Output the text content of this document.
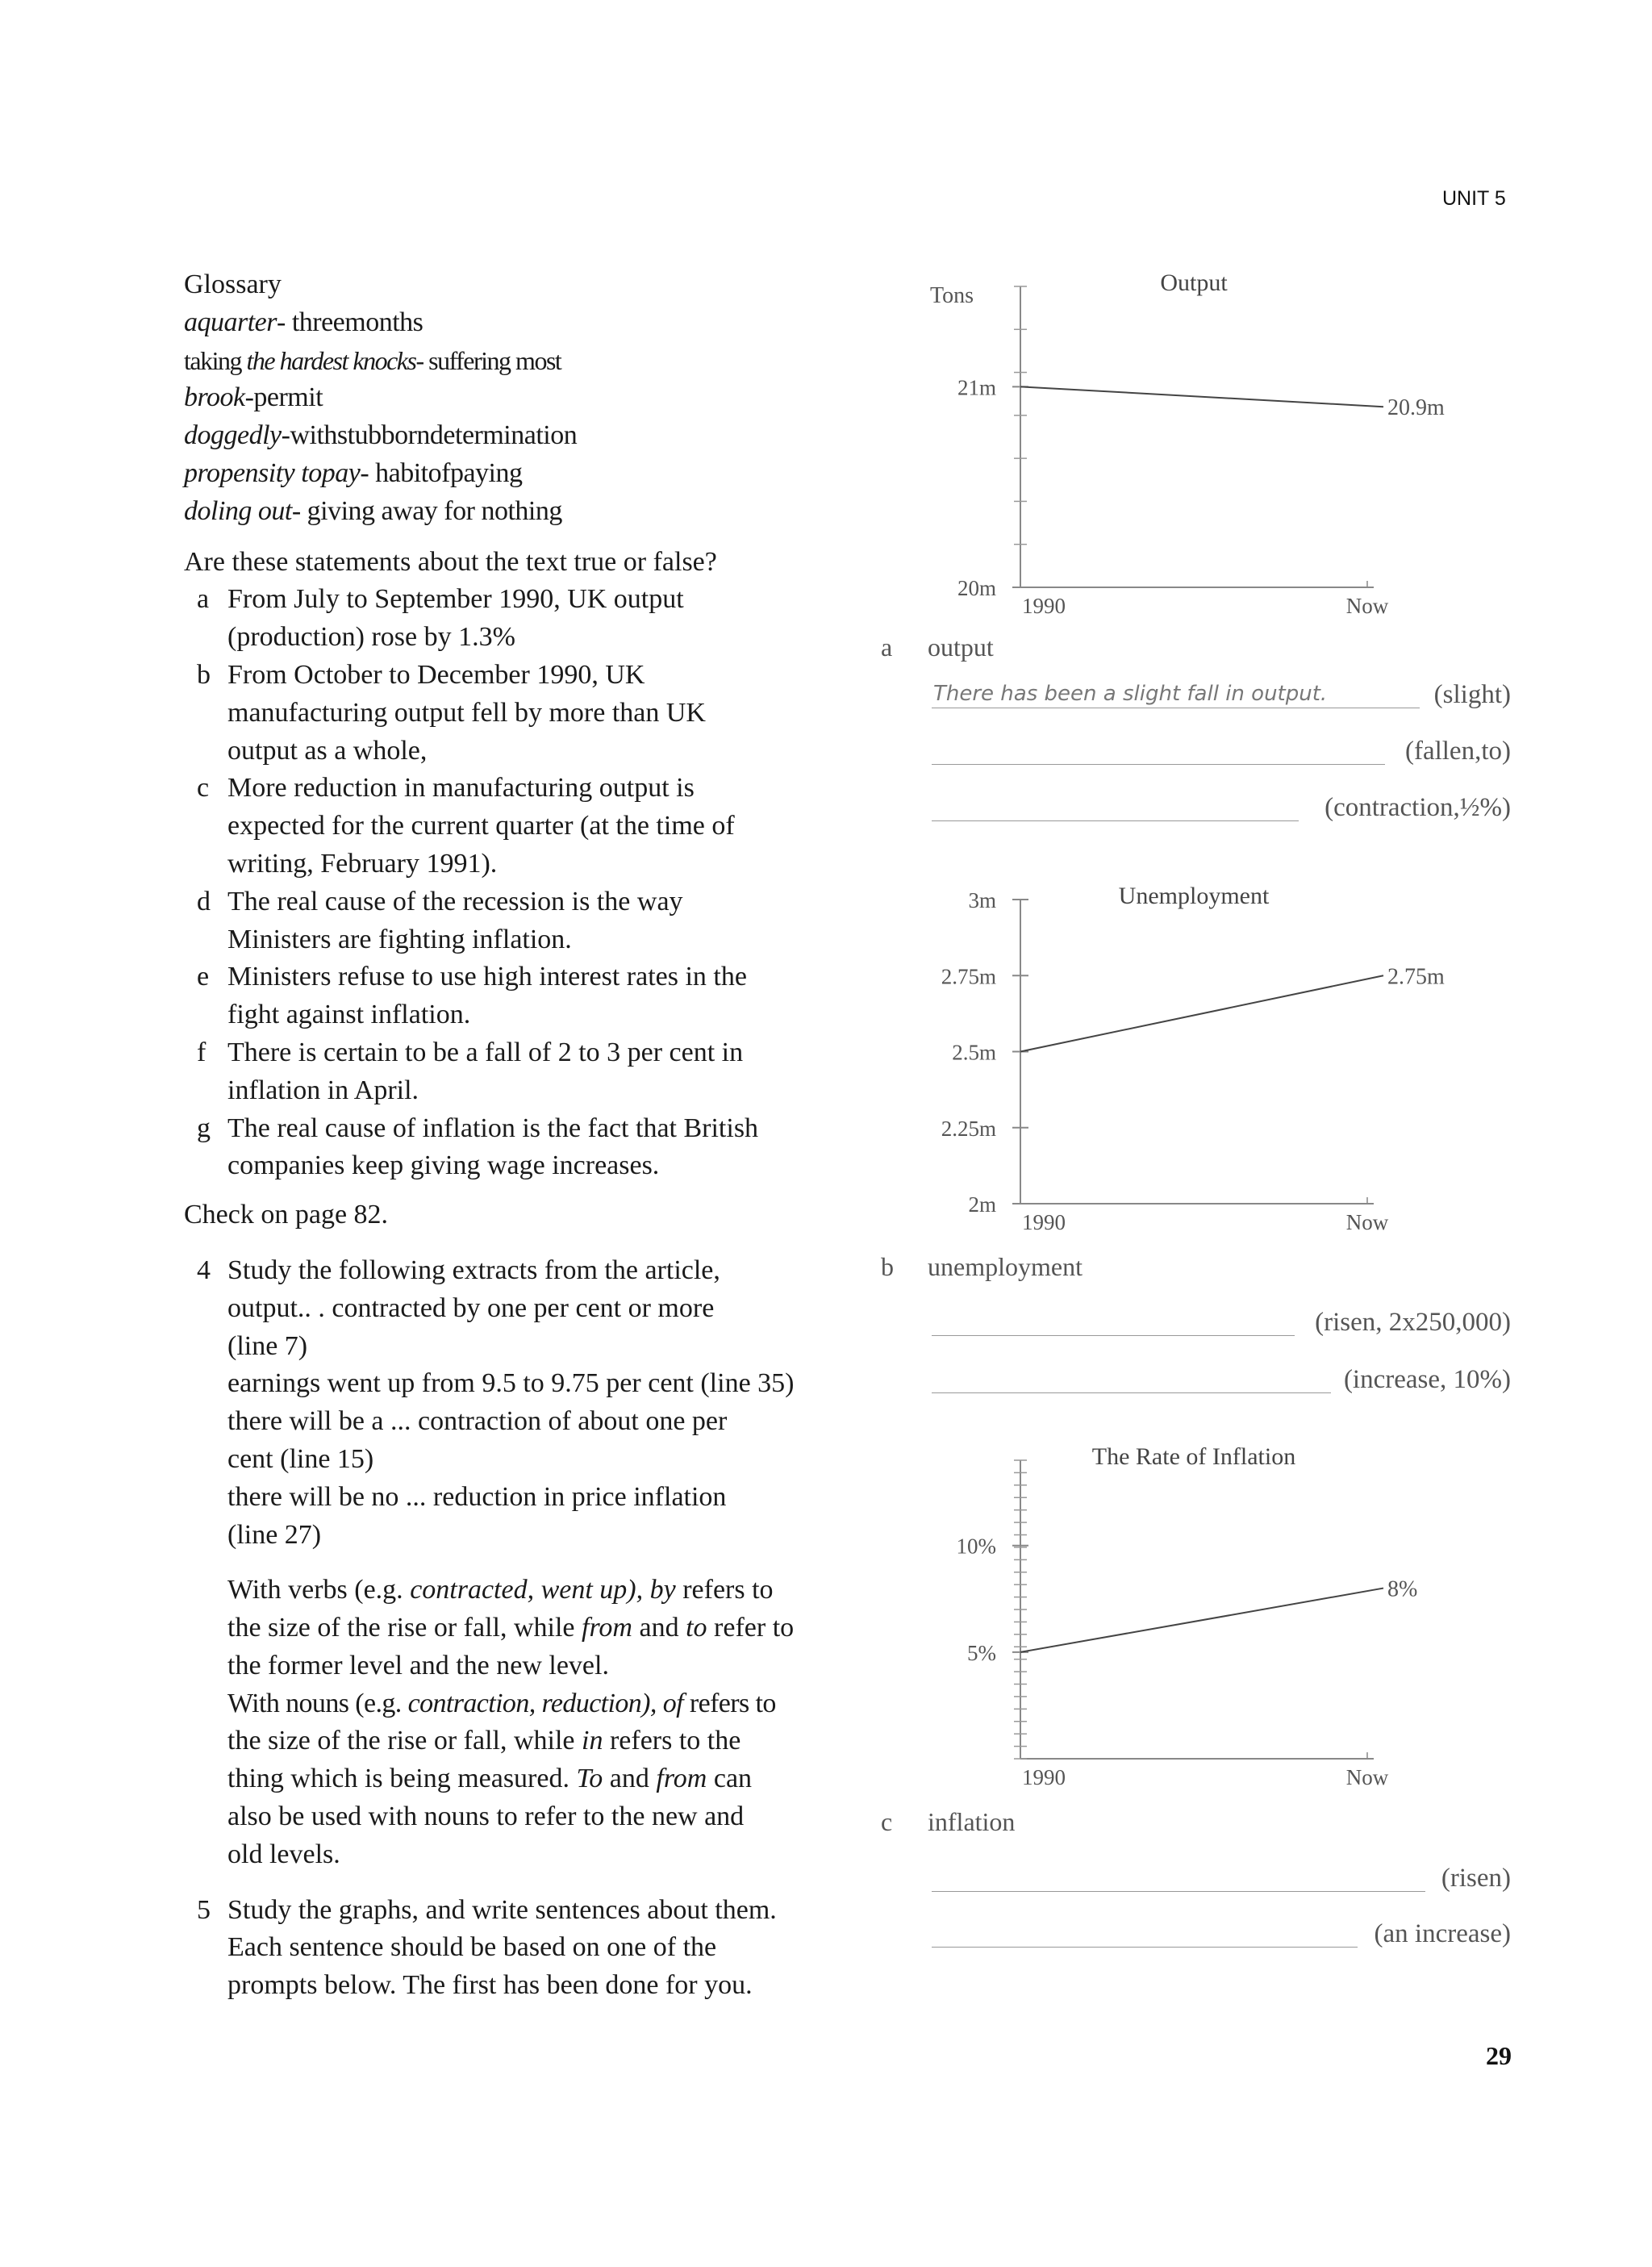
UNIT 5
29

Glossary

aquarter- threemonths

taking the hardest knocks- suffering most

brook-permit

doggedly-withstubborndetermination

propensity topay- habitofpaying

doling out- giving away for nothing

Are these statements about the text true or false?

a From July to September 1990, UK output

(production) rose by 1.3%

b From October to December 1990, UK

manufacturing output fell by more than UK

output as a whole,

c More reduction in manufacturing output is

expected for the current quarter (at the time of

writing, February 1991).

d The real cause of the recession is the way

Ministers are fighting inflation.

e Ministers refuse to use high interest rates in the

fight against inflation.

f There is certain to be a fall of 2 to 3 per cent in

inflation in April.

g The real cause of inflation is the fact that British

companies keep giving wage increases.

Check on page 82.

4 Study the following extracts from the article,

output.. . contracted by one per cent or more

(line 7)

earnings went up from 9.5 to 9.75 per cent (line 35)

there will be a ... contraction of about one per

cent (line 15)

there will be no ... reduction in price inflation

(line 27)

With verbs (e.g. contracted, went up), by refers to

the size of the rise or fall, while from and to refer to

the former level and the new level.

With nouns (e.g. contraction, reduction), of refers to

the size of the rise or fall, while in refers to the

thing which is being measured. To and from can

also be used with nouns to refer to the new and

old levels.

5 Study the graphs, and write sentences about them.

Each sentence should be based on one of the

prompts below. The first has been done for you.

21m
20m
1990	Now
Output
Tons
20.9m
a output
There has been a slight fall in output.	(slight)
(fallen,to)
(contraction,½%)
3m
2.75m
2.5m
2.25m
2m
1990	Now
Unemployment
2.75m
b unemployment
(risen, 2x250,000)
(increase, 10%)
10%
5%
1990	Now
The Rate of Inflation
8%
c inflation
(risen)
(an increase)
